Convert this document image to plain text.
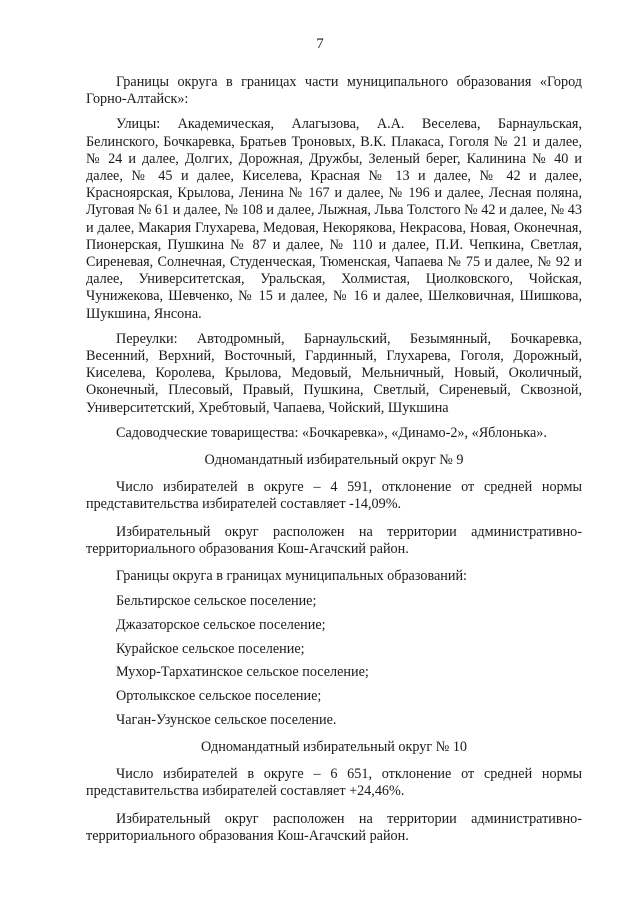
7

Границы округа в границах части муниципального образования «Город Горно-Алтайск»:

Улицы: Академическая, Алагызова, А.А. Веселева, Барнаульская, Белинского, Бочкаревка, Братьев Троновых, В.К. Плакаса, Гоголя № 21 и далее, № 24 и далее, Долгих, Дорожная, Дружбы, Зеленый берег, Калинина № 40 и далее, № 45 и далее, Киселева, Красная № 13 и далее, № 42 и далее, Красноярская, Крылова, Ленина № 167 и далее, № 196 и далее, Лесная поляна, Луговая № 61 и далее, № 108 и далее, Лыжная, Льва Толстого № 42 и далее, № 43 и далее, Макария Глухарева, Медовая, Некорякова, Некрасова, Новая, Оконечная, Пионерская, Пушкина № 87 и далее, № 110 и далее, П.И. Чепкина, Светлая, Сиреневая, Солнечная, Студенческая, Тюменская, Чапаева № 75 и далее, № 92 и далее, Университетская, Уральская, Холмистая, Циолковского, Чойская, Чунижекова, Шевченко, № 15 и далее, № 16 и далее, Шелковичная, Шишкова, Шукшина, Янсона.

Переулки: Автодромный, Барнаульский, Безымянный, Бочкаревка, Весенний, Верхний, Восточный, Гардинный, Глухарева, Гоголя, Дорожный, Киселева, Королева, Крылова, Медовый, Мельничный, Новый, Околичный, Оконечный, Плесовый, Правый, Пушкина, Светлый, Сиреневый, Сквозной, Университетский, Хребтовый, Чапаева, Чойский, Шукшина

Садоводческие товарищества: «Бочкаревка», «Динамо-2», «Яблонька».

Одномандатный избирательный округ № 9

Число избирателей в округе – 4 591, отклонение от средней нормы представительства избирателей составляет -14,09%.

Избирательный округ расположен на территории административно-территориального образования Кош-Агачский район.

Границы округа в границах муниципальных образований:

Бельтирское сельское поселение;

Джазаторское сельское поселение;

Курайское сельское поселение;

Мухор-Тархатинское сельское поселение;

Ортолыкское сельское поселение;

Чаган-Узунское сельское поселение.

Одномандатный избирательный округ № 10

Число избирателей в округе – 6 651, отклонение от средней нормы представительства избирателей составляет +24,46%.

Избирательный округ расположен на территории административно-территориального образования Кош-Агачский район.
